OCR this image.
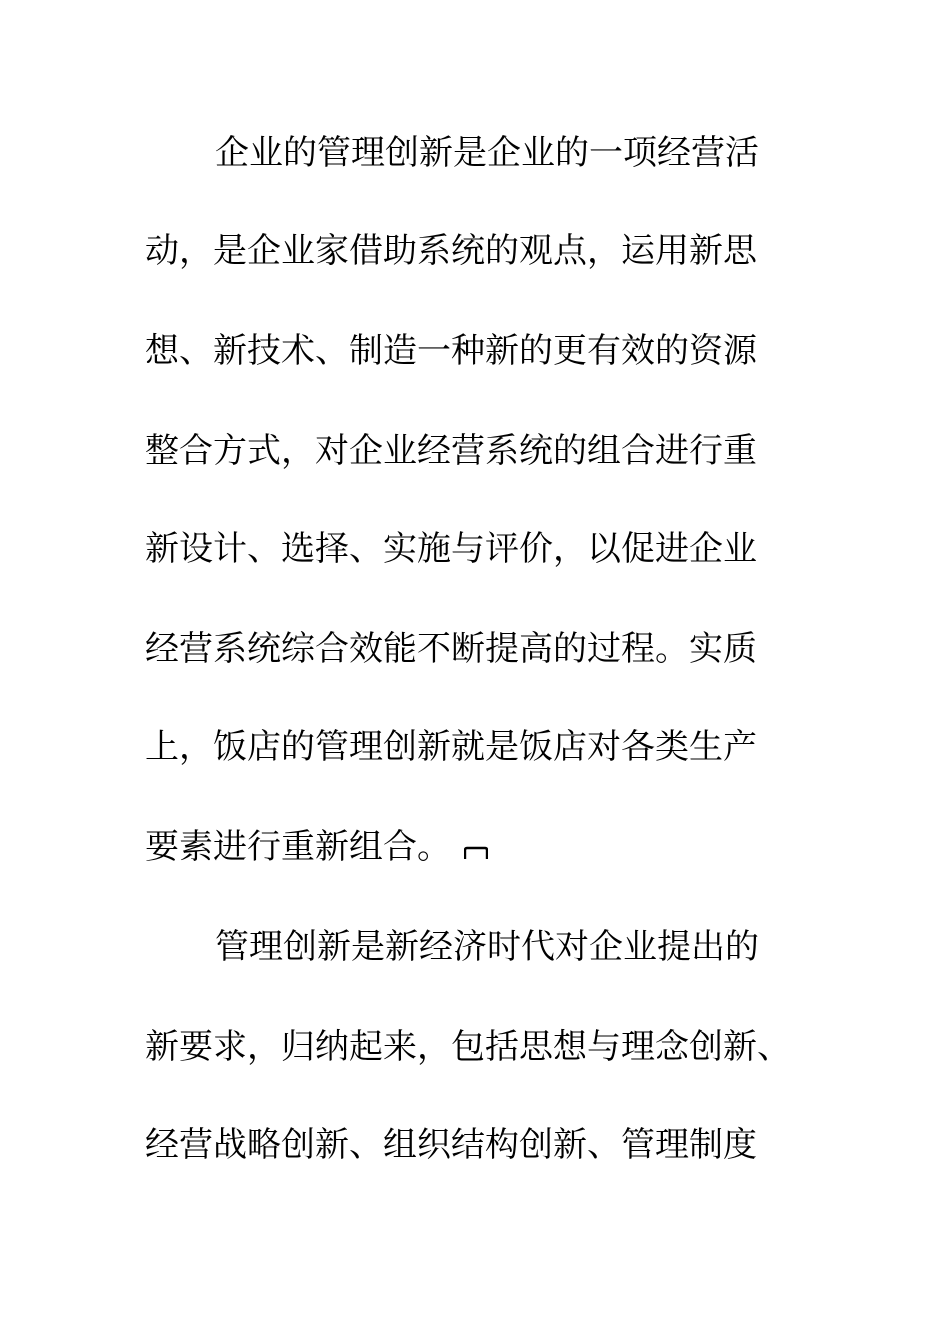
企业的管理创新是企业的一项经营活
动，是企业家借助系统的观点，运用新思
想、新技术、制造一种新的更有效的资源
整合方式，对企业经营系统的组合进行重
新设计、选择、实施与评价，以促进企业
经营系统综合效能不断提高的过程。实质
上，饭店的管理创新就是饭店对各类生产
要素进行重新组合。
管理创新是新经济时代对企业提出的
新要求，归纳起来，包括思想与理念创新、
经营战略创新、组织结构创新、管理制度
